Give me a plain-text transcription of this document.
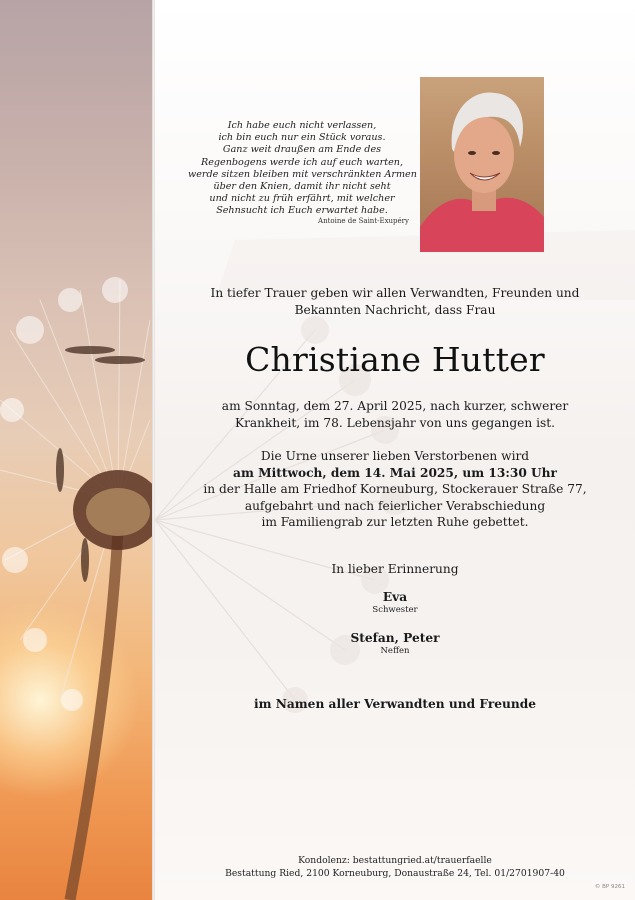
Ich habe euch nicht verlassen,
ich bin euch nur ein Stück voraus.
Ganz weit draußen am Ende des
Regenbogens werde ich auf euch warten,
werde sitzen bleiben mit verschränkten Armen
über den Knien, damit ihr nicht seht
und nicht zu früh erfährt, mit welcher
Sehnsucht ich Euch erwartet habe.
Antoine de Saint-Exupéry
In tiefer Trauer geben wir allen Verwandten, Freunden und
Bekannten Nachricht, dass Frau
Christiane Hutter
am Sonntag, dem 27. April 2025, nach kurzer, schwerer
Krankheit, im 78. Lebensjahr von uns gegangen ist.
Die Urne unserer lieben Verstorbenen wird
am Mittwoch, dem 14. Mai 2025, um 13:30 Uhr
in der Halle am Friedhof Korneuburg, Stockerauer Straße 77,
aufgebahrt und nach feierlicher Verabschiedung
im Familiengrab zur letzten Ruhe gebettet.
In lieber Erinnerung
Eva
Schwester
Stefan, Peter
Neffen
im Namen aller Verwandten und Freunde
Kondolenz: bestattungried.at/trauerfaelle
Bestattung Ried, 2100 Korneuburg, Donaustraße 24, Tel. 01/2701907-40
© BP 9261
